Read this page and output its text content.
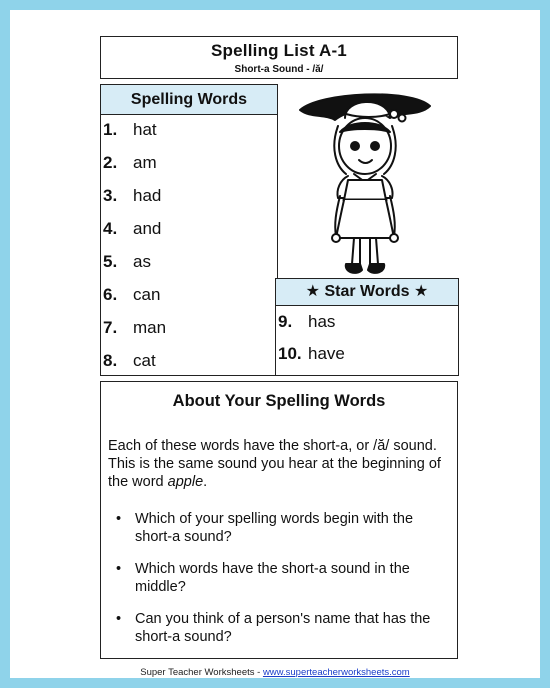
Spelling List A-1
Short-a Sound - /ă/
Spelling Words
1. hat
2. am
3. had
4. and
5. as
6. can
7. man
8. cat
★ Star Words ★
9. has
10. have
About Your Spelling Words
Each of these words have the short-a, or /ă/ sound. This is the same sound you hear at the beginning of the word apple.
• Which of your spelling words begin with the short-a sound?
• Which words have the short-a sound in the middle?
• Can you think of a person's name that has the short-a sound?
Super Teacher Worksheets - www.superteacherworksheets.com
